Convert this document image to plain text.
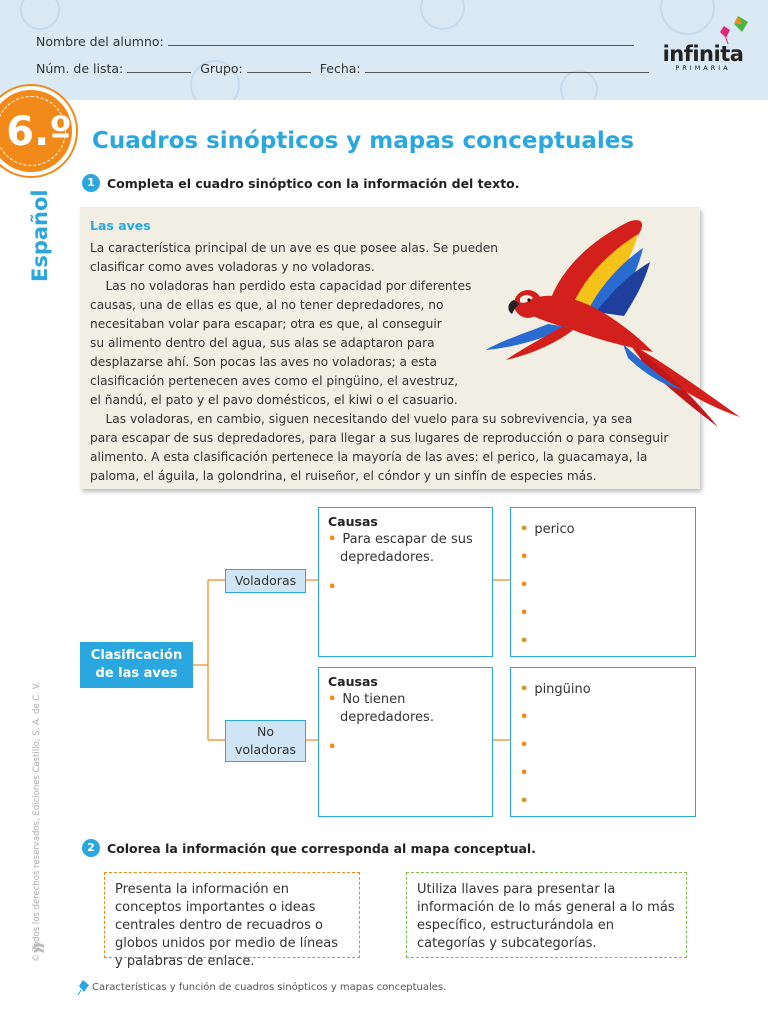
Nombre del alumno:
Núm. de lista:	Grupo:	Fecha:
infinita
PRIMARIA
6.º
Español
© Todos los derechos reservados, Ediciones Castillo, S. A. de C. V.
Cuadros sinópticos y mapas conceptuales
1 Completa el cuadro sinóptico con la información del texto.
Las aves
La característica principal de un ave es que posee alas. Se pueden
clasificar como aves voladoras y no voladoras.
Las no voladoras han perdido esta capacidad por diferentes
causas, una de ellas es que, al no tener depredadores, no
necesitaban volar para escapar; otra es que, al conseguir
su alimento dentro del agua, sus alas se adaptaron para
desplazarse ahí. Son pocas las aves no voladoras; a esta
clasificación pertenecen aves como el pingüino, el avestruz,
el ñandú, el pato y el pavo domésticos, el kiwi o el casuario.
Las voladoras, en cambio, siguen necesitando del vuelo para su sobrevivencia, ya sea
para escapar de sus depredadores, para llegar a sus lugares de reproducción o para conseguir
alimento. A esta clasificación pertenece la mayoría de las aves: el perico, la guacamaya, la
paloma, el águila, la golondrina, el ruiseñor, el cóndor y un sinfín de especies más.
Clasificación de las aves
Voladoras
No
voladoras
Causas
• Para escapar de sus
depredadores.
•
• perico
•
•
•
•
Causas
• No tienen
depredadores.
•
• pingüino
•
•
•
•
2 Colorea la información que corresponda al mapa conceptual.
Presenta la información en conceptos importantes o ideas centrales dentro de recuadros o globos unidos por medio de líneas y palabras de enlace.
Utiliza llaves para presentar la información de lo más general a lo más específico, estructurándola en categorías y subcategorías.
Características y función de cuadros sinópticos y mapas conceptuales.
